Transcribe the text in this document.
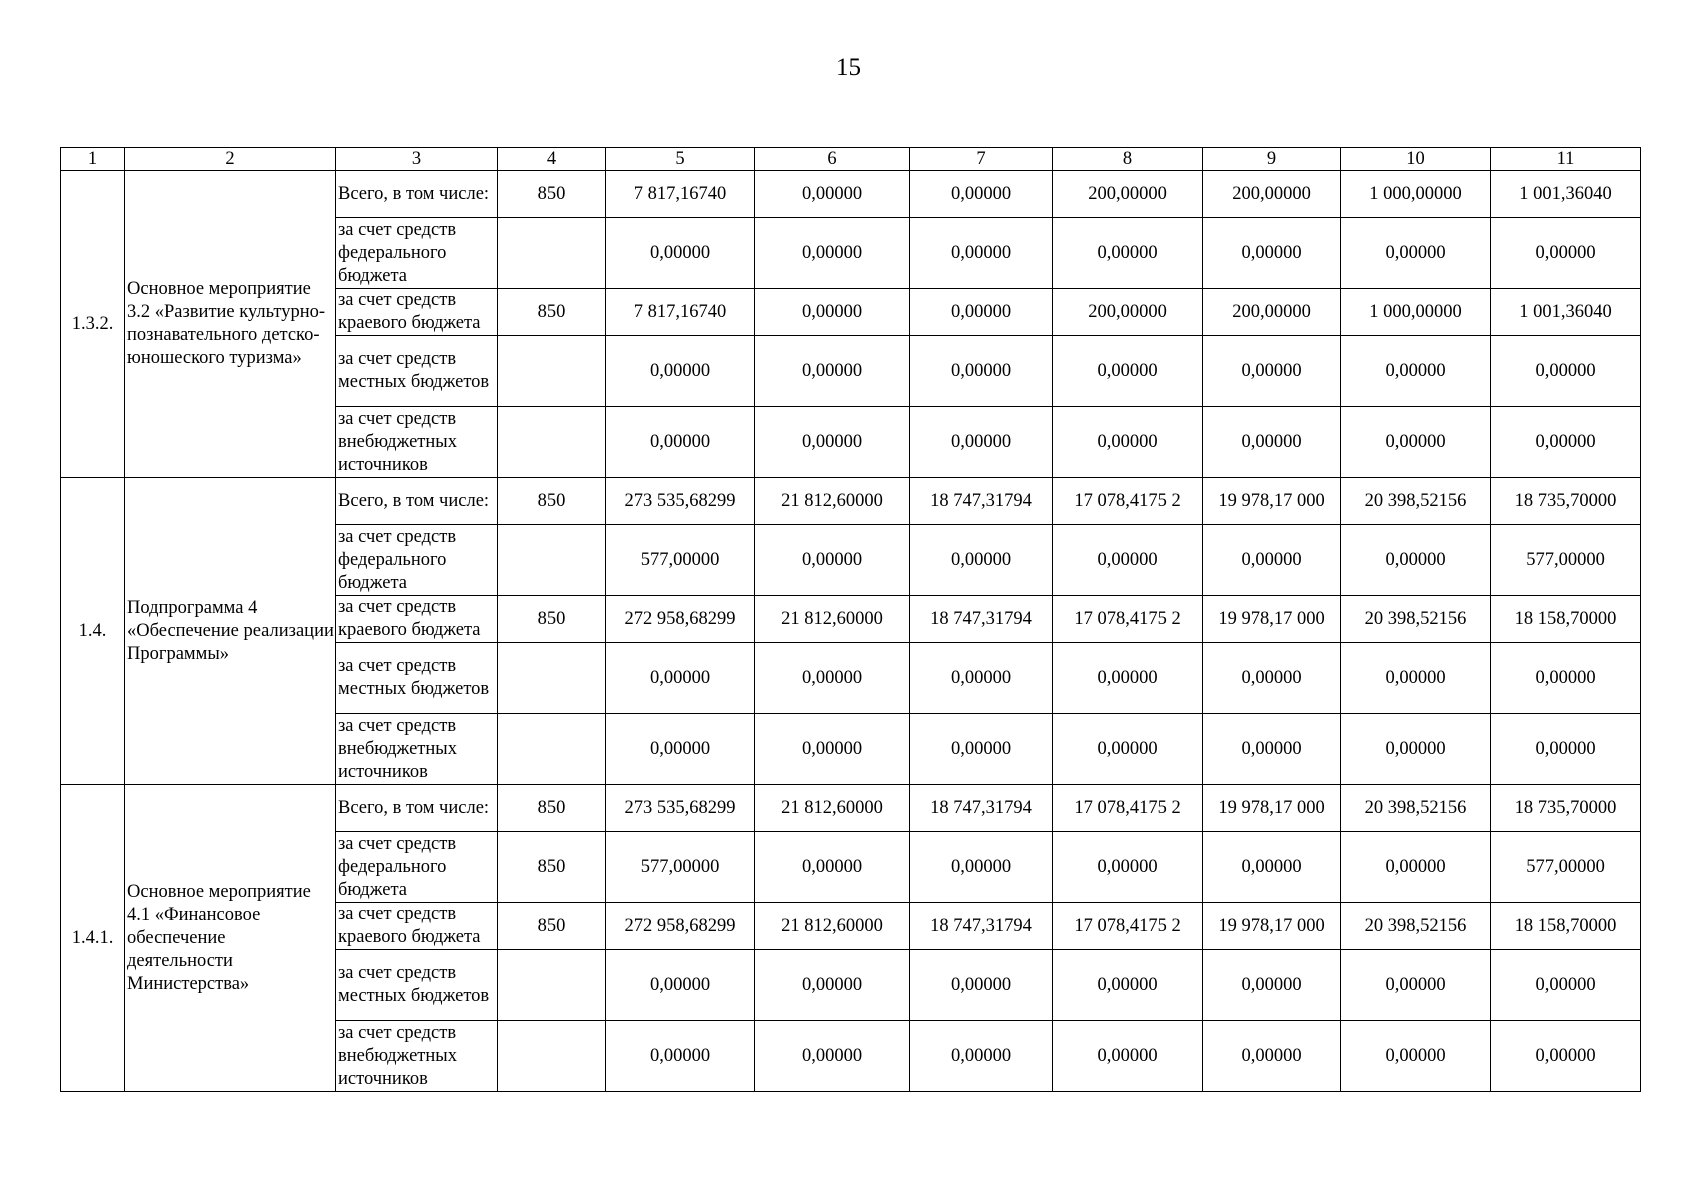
15
1	2	3	4	5	6	7	8	9	10	11
1.3.2.	Основное мероприятие 3.2 «Развитие культурно-познавательного детско-юношеского туризма»	Всего, в том числе:	850	7 817,16740	0,00000	0,00000	200,00000	200,00000	1 000,00000	1 001,36040
		за счет средств федерального бюджета		0,00000	0,00000	0,00000	0,00000	0,00000	0,00000	0,00000
		за счет средств краевого бюджета	850	7 817,16740	0,00000	0,00000	200,00000	200,00000	1 000,00000	1 001,36040
		за счет средств местных бюджетов		0,00000	0,00000	0,00000	0,00000	0,00000	0,00000	0,00000
		за счет средств внебюджетных источников		0,00000	0,00000	0,00000	0,00000	0,00000	0,00000	0,00000
1.4.	Подпрограмма 4 «Обеспечение реализации Программы»	Всего, в том числе:	850	273 535,68299	21 812,60000	18 747,31794	17 078,4175 2	19 978,17 000	20 398,52156	18 735,70000
		за счет средств федерального бюджета		577,00000	0,00000	0,00000	0,00000	0,00000	0,00000	577,00000
		за счет средств краевого бюджета	850	272 958,68299	21 812,60000	18 747,31794	17 078,4175 2	19 978,17 000	20 398,52156	18 158,70000
		за счет средств местных бюджетов		0,00000	0,00000	0,00000	0,00000	0,00000	0,00000	0,00000
		за счет средств внебюджетных источников		0,00000	0,00000	0,00000	0,00000	0,00000	0,00000	0,00000
1.4.1.	Основное мероприятие 4.1 «Финансовое обеспечение деятельности Министерства»	Всего, в том числе:	850	273 535,68299	21 812,60000	18 747,31794	17 078,4175 2	19 978,17 000	20 398,52156	18 735,70000
		за счет средств федерального бюджета	850	577,00000	0,00000	0,00000	0,00000	0,00000	0,00000	577,00000
		за счет средств краевого бюджета	850	272 958,68299	21 812,60000	18 747,31794	17 078,4175 2	19 978,17 000	20 398,52156	18 158,70000
		за счет средств местных бюджетов		0,00000	0,00000	0,00000	0,00000	0,00000	0,00000	0,00000
		за счет средств внебюджетных источников		0,00000	0,00000	0,00000	0,00000	0,00000	0,00000	0,00000
